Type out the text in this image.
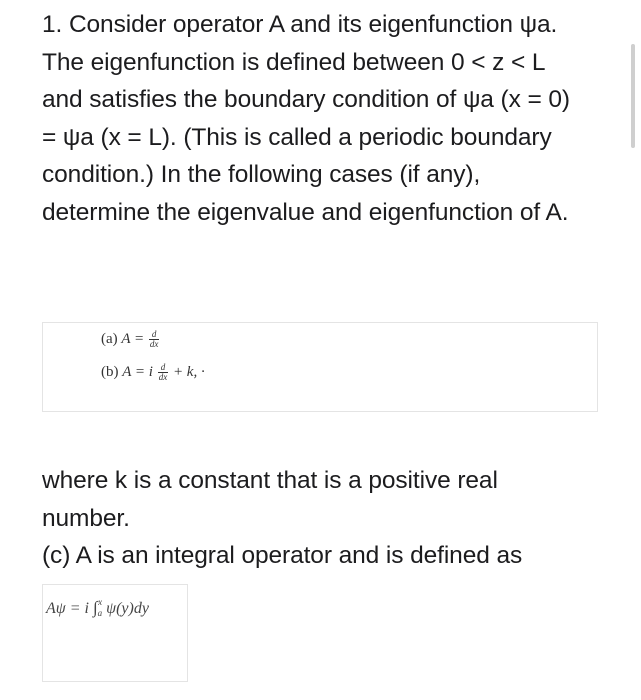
1. Consider operator A and its eigenfunction ψa. The eigenfunction is defined between 0 < z < L and satisfies the boundary condition of ψa (x = 0) = ψa (x = L). (This is called a periodic boundary condition.) In the following cases (if any), determine the eigenvalue and eigenfunction of A.
(a) $A = \frac{d}{dx}$
(b) A = i $\frac{d}{dx} + k$, ·
where k is a constant that is a positive real number.
(c) A is an integral operator and is defined as
Aψ = i $\int_a^x$ ψ(y)dy
